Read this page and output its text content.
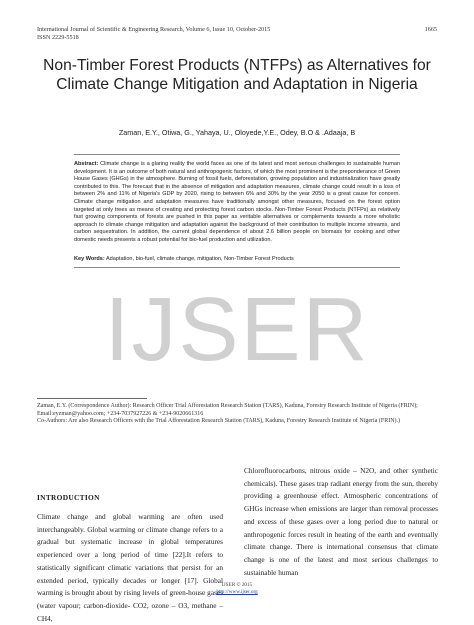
International Journal of Scientific & Engineering Research, Volume 6, Issue 10, October-2015
ISSN 2229-5518
1665
Non-Timber Forest Products (NTFPs) as Alternatives for Climate Change Mitigation and Adaptation in Nigeria
Zaman, E.Y., Otiwa, G., Yahaya, U., Oloyede,Y.E., Odey, B.O & .Adaaja, B
Abstract: Climate change is a glaring reality the world faces as one of its latest and most serious challenges to sustainable human development. It is an outcome of both natural and anthropogenic factors, of which the most prominent is the preponderance of Green House Gases (GHGs) in the atmosphere. Burning of fossil fuels, deforestation, growing population and industrialization have greatly contributed to this. The forecast that in the absence of mitigation and adaptation measures, climate change could result in a loss of between 2% and 11% of Nigeria's GDP by 2020, rising to between 6% and 30% by the year 2050 is a great cause for concern. Climate change mitigation and adaptation measures have traditionally amongst other measures, focused on the forest option targeted at only trees as means of creating and protecting forest carbon stocks. Non-Timber Forest Products (NTFPs) as relatively fast growing components of forests are pushed in this paper as veritable alternatives or complements towards a more wholistic approach to climate change mitigation and adaptation against the background of their contribution to multiple income streams, and carbon sequestration. In addition, the current global dependence of about 2.6 billion people on biomass for cooking and other domestic needs presents a robust potential for bio-fuel production and utilization.
Key Words: Adaptation, bio-fuel, climate change, mitigation, Non-Timber Forest Products
IJSER
Zaman, E.Y. (Correspondence Author): Research Officer Trial Afforestation Research Station (TARS), Kaduna, Forestry Research Institute of Nigeria (FRIN); Email:eyzman@yahoo.com; +234-7037927226 & +234-9020661316
Co-Authors: Are also Research Officers with the Trial Afforestation Research Station (TARS), Kaduna, Forestry Research Institute of Nigeria (FRIN).)
INTRODUCTION
Climate change and global warming are often used interchangeably. Global warming or climate change refers to a gradual but systematic increase in global temperatures experienced over a long period of time [22].It refers to statistically significant climatic variations that persist for an extended period, typically decades or longer [17]. Global warming is brought about by rising levels of green-house gases (water vapour; carbon-dioxide- CO2, ozone – O3, methane – CH4,
Chlorofluorocarbons, nitrous oxide – N2O, and other synthetic chemicals). These gases trap radiant energy from the sun, thereby providing a greenhouse effect. Atmospheric concentrations of GHGs increase when emissions are larger than removal processes and excess of these gases over a long period due to natural or anthropogenic forces result in heating of the earth and eventually climate change. There is international consensus that climate change is one of the latest and most serious challenges to sustainable human
IJSER © 2015
http://www.ijser.org
